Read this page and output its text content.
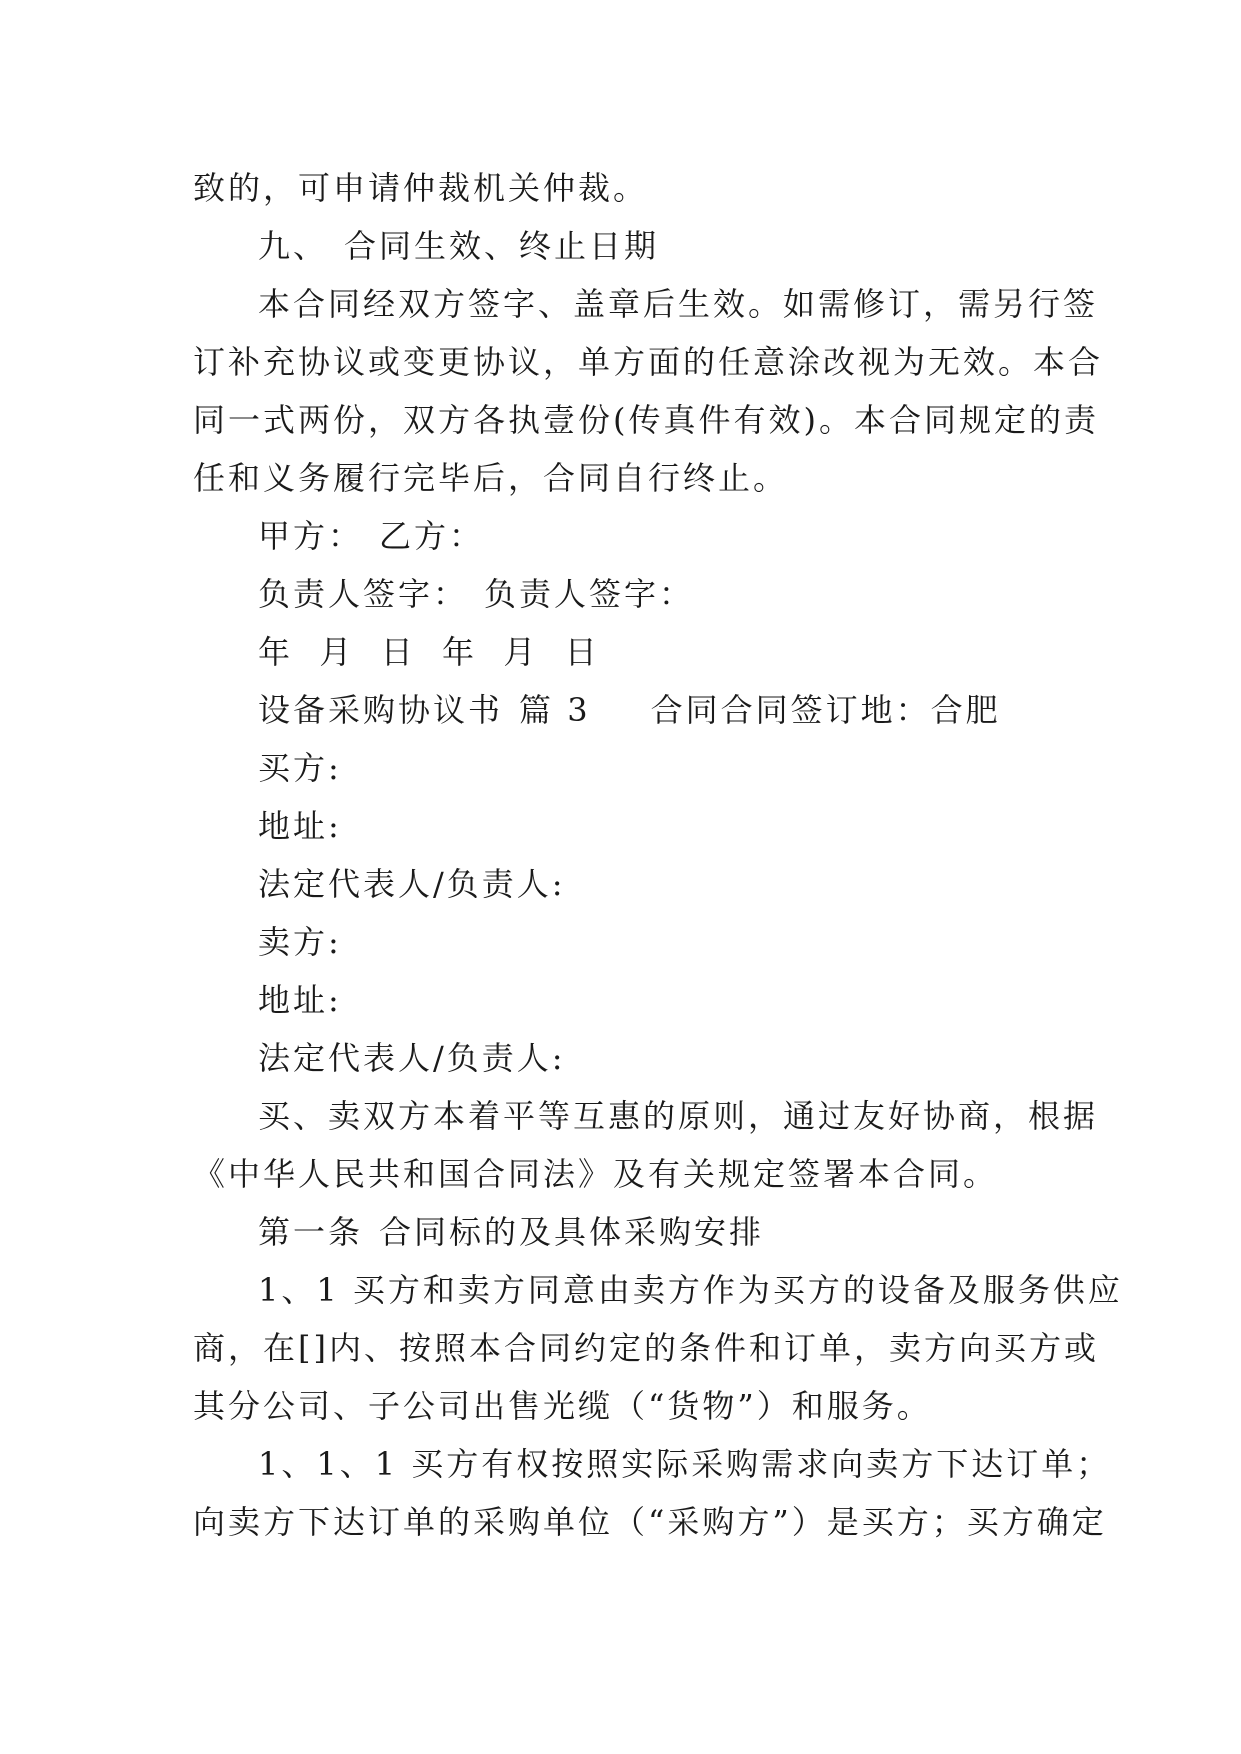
致的，可申请仲裁机关仲裁。
九、 合同生效、终止日期
本合同经双方签字、盖章后生效。如需修订，需另行签
订补充协议或变更协议，单方面的任意涂改视为无效。本合
同一式两份，双方各执壹份(传真件有效)。本合同规定的责
任和义务履行完毕后，合同自行终止。
甲方： 乙方：
负责人签字： 负责人签字：
年  月  日  年  月  日
设备采购协议书 篇 3 合同合同签订地：合肥
买方:
地址:
法定代表人/负责人:
卖方:
地址:
法定代表人/负责人:
买、卖双方本着平等互惠的原则，通过友好协商，根据
《中华人民共和国合同法》及有关规定签署本合同。
第一条 合同标的及具体采购安排
1、1 买方和卖方同意由卖方作为买方的设备及服务供应
商，在[]内、按照本合同约定的条件和订单，卖方向买方或
其分公司、子公司出售光缆（“货物”）和服务。
1、1、1 买方有权按照实际采购需求向卖方下达订单；
向卖方下达订单的采购单位（“采购方”）是买方；买方确定
